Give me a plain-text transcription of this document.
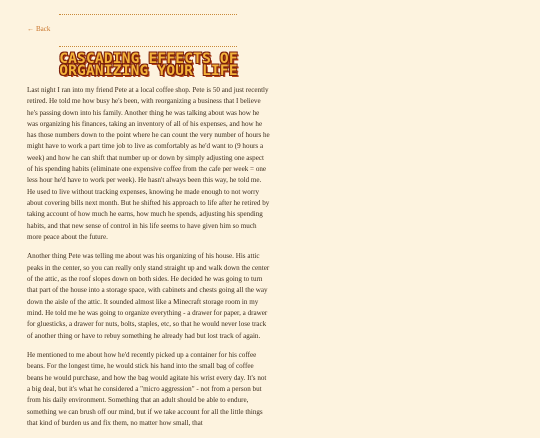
← Back
CASCADING EFFECTS OF
ORGANIZING YOUR LIFE

Last night I ran into my friend Pete at a local coffee shop. Pete is 50 and just recently retired. He told me how busy he's been, with reorganizing a business that I believe he's passing down into his family. Another thing he was talking about was how he was organizing his finances, taking an inventory of all of his expenses, and how he has those numbers down to the point where he can count the very number of hours he might have to work a part time job to live as comfortably as he'd want to (9 hours a week) and how he can shift that number up or down by simply adjusting one aspect of his spending habits (eliminate one expensive coffee from the cafe per week = one less hour he'd have to work per week). He hasn't always been this way, he told me. He used to live without tracking expenses, knowing he made enough to not worry about covering bills next month. But he shifted his approach to life after he retired by taking account of how much he earns, how much he spends, adjusting his spending habits, and that new sense of control in his life seems to have given him so much more peace about the future.

Another thing Pete was telling me about was his organizing of his house. His attic peaks in the center, so you can really only stand straight up and walk down the center of the attic, as the roof slopes down on both sides. He decided he was going to turn that part of the house into a storage space, with cabinets and chests going all the way down the aisle of the attic. It sounded almost like a Minecraft storage room in my mind. He told me he was going to organize everything - a drawer for paper, a drawer for gluesticks, a drawer for nuts, bolts, staples, etc, so that he would never lose track of another thing or have to rebuy something he already had but lost track of again.

He mentioned to me about how he'd recently picked up a container for his coffee beans. For the longest time, he would stick his hand into the small bag of coffee beans he would purchase, and how the bag would agitate his wrist every day. It's not a big deal, but it's what he considered a "micro aggression" - not from a person but from his daily environment. Something that an adult should be able to endure, something we can brush off our mind, but if we take account for all the little things that kind of burden us and fix them, no matter how small, that
